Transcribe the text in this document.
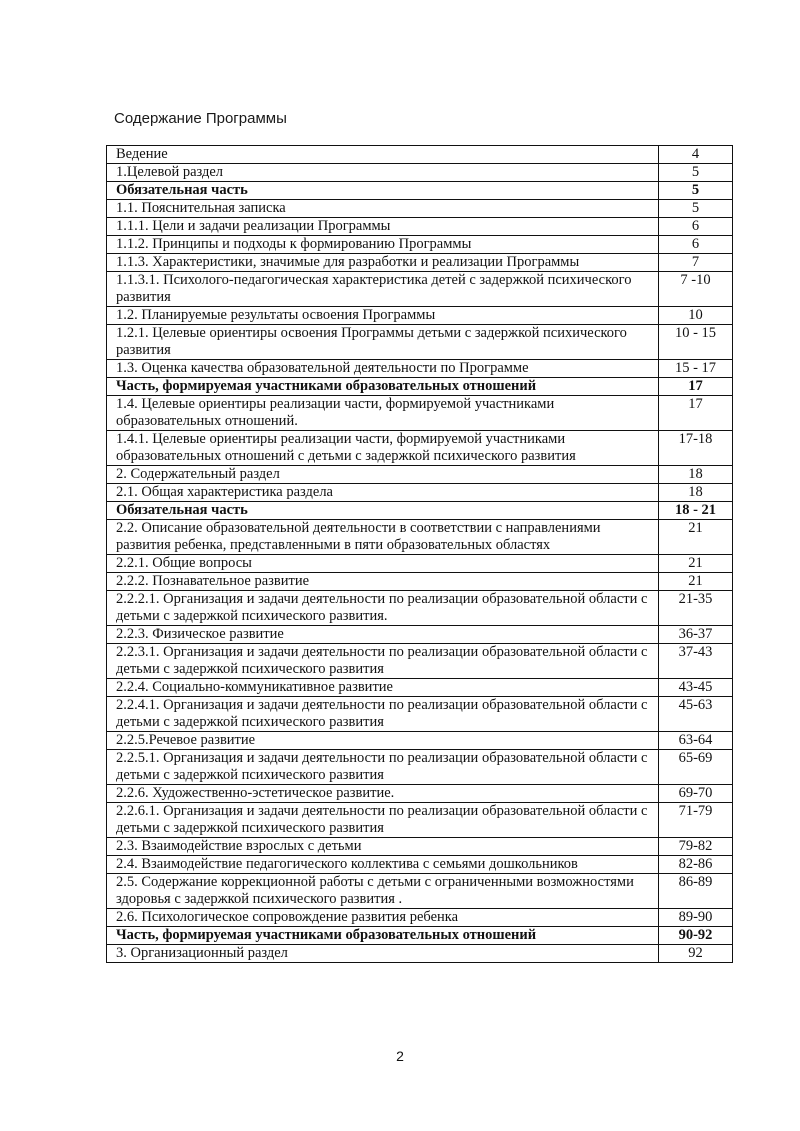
Содержание Программы
Ведение	4
1.Целевой раздел	5
Обязательная часть	5
1.1. Пояснительная записка	5
1.1.1. Цели и задачи реализации Программы	6
1.1.2. Принципы и подходы к формированию Программы	6
1.1.3. Характеристики, значимые для разработки и реализации Программы	7
1.1.3.1. Психолого-педагогическая характеристика детей с задержкой психического развития	7 -10
1.2. Планируемые результаты освоения Программы	10
1.2.1. Целевые ориентиры освоения Программы детьми с задержкой психического развития	10 - 15
1.3. Оценка качества образовательной деятельности по Программе	15 - 17
Часть, формируемая участниками образовательных отношений	17
1.4. Целевые ориентиры реализации части, формируемой участниками образовательных отношений.	17
1.4.1. Целевые ориентиры реализации части, формируемой участниками образовательных отношений с детьми с задержкой психического развития	17-18
2. Содержательный раздел	18
2.1. Общая характеристика раздела	18
Обязательная часть	18 - 21
2.2. Описание образовательной деятельности в соответствии с направлениями развития ребенка, представленными в пяти образовательных областях	21
2.2.1. Общие вопросы	21
2.2.2. Познавательное развитие	21
2.2.2.1. Организация и задачи деятельности по реализации образовательной области с детьми с задержкой психического развития.	21-35
2.2.3. Физическое развитие	36-37
2.2.3.1. Организация и задачи деятельности по реализации образовательной области с детьми с задержкой психического развития	37-43
2.2.4. Социально-коммуникативное развитие	43-45
2.2.4.1. Организация и задачи деятельности по реализации образовательной области с детьми с задержкой психического развития	45-63
2.2.5.Речевое развитие	63-64
2.2.5.1. Организация и задачи деятельности по реализации образовательной области с детьми с задержкой психического развития	65-69
2.2.6. Художественно-эстетическое развитие.	69-70
2.2.6.1. Организация и задачи деятельности по реализации образовательной области с детьми с задержкой психического развития	71-79
2.3. Взаимодействие взрослых с детьми	79-82
2.4. Взаимодействие педагогического коллектива с семьями дошкольников	82-86
2.5. Содержание коррекционной работы с детьми с ограниченными возможностями здоровья с задержкой психического развития .	86-89
2.6. Психологическое сопровождение развития ребенка	89-90
Часть, формируемая участниками образовательных отношений	90-92
3. Организационный раздел	92
2
